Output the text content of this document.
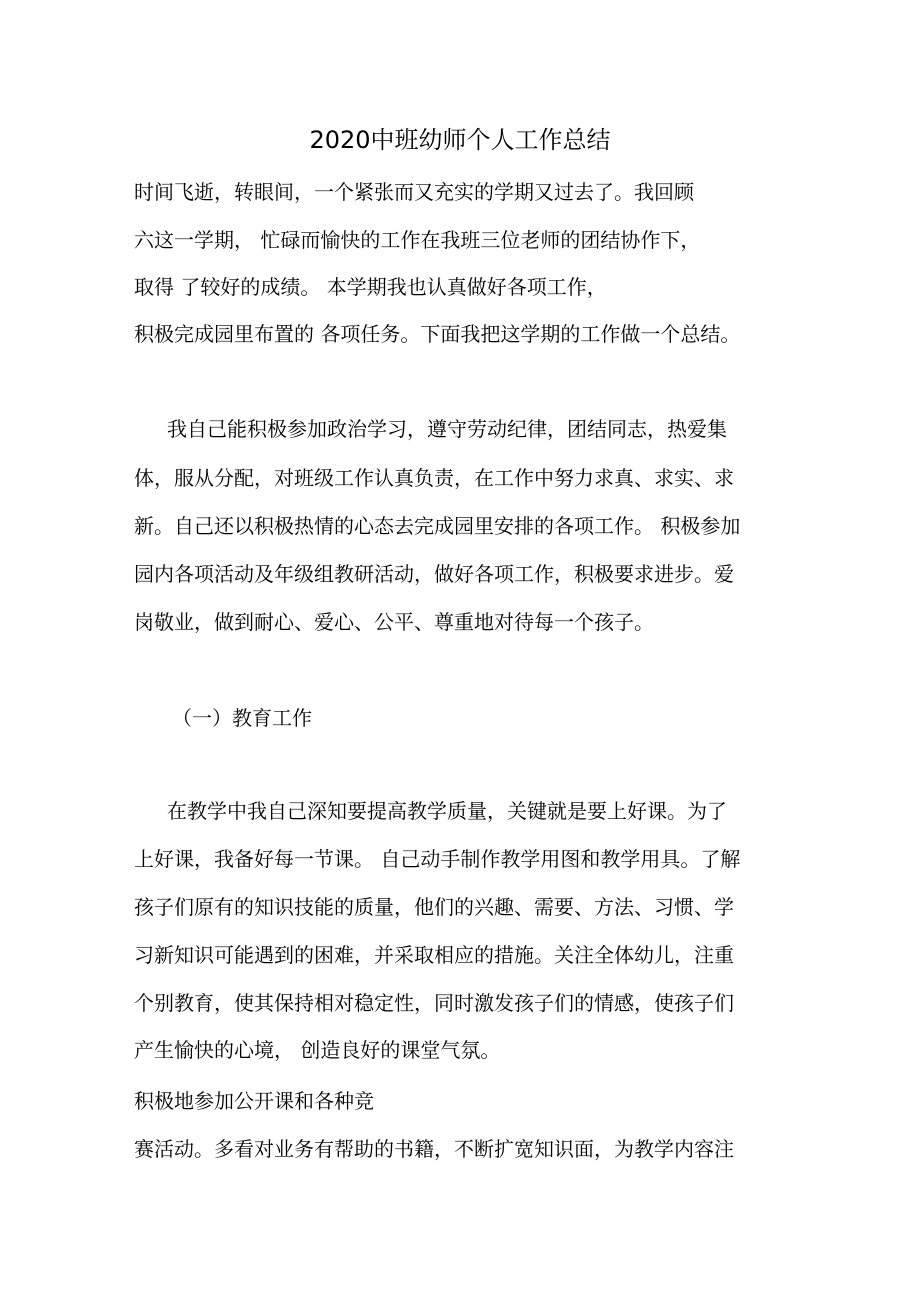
2020中班幼师个人工作总结
时间飞逝，转眼间，一个紧张而又充实的学期又过去了。我回顾
六这一学期， 忙碌而愉快的工作在我班三位老师的团结协作下，
取得 了较好的成绩。 本学期我也认真做好各项工作，
积极完成园里布置的 各项任务。下面我把这学期的工作做一个总结。
我自己能积极参加政治学习，遵守劳动纪律，团结同志，热爱集
体，服从分配，对班级工作认真负责，在工作中努力求真、求实、求
新。自己还以积极热情的心态去完成园里安排的各项工作。 积极参加
园内各项活动及年级组教研活动，做好各项工作，积极要求进步。爱
岗敬业，做到耐心、爱心、公平、尊重地对待每一个孩子。
（一）教育工作
在教学中我自己深知要提高教学质量，关键就是要上好课。为了
上好课，我备好每一节课。 自己动手制作教学用图和教学用具。了解
孩子们原有的知识技能的质量，他们的兴趣、需要、方法、习惯、学
习新知识可能遇到的困难，并采取相应的措施。关注全体幼儿，注重
个别教育，使其保持相对稳定性，同时激发孩子们的情感，使孩子们
产生愉快的心境， 创造良好的课堂气氛。
积极地参加公开课和各种竞
赛活动。多看对业务有帮助的书籍，不断扩宽知识面，为教学内容注
